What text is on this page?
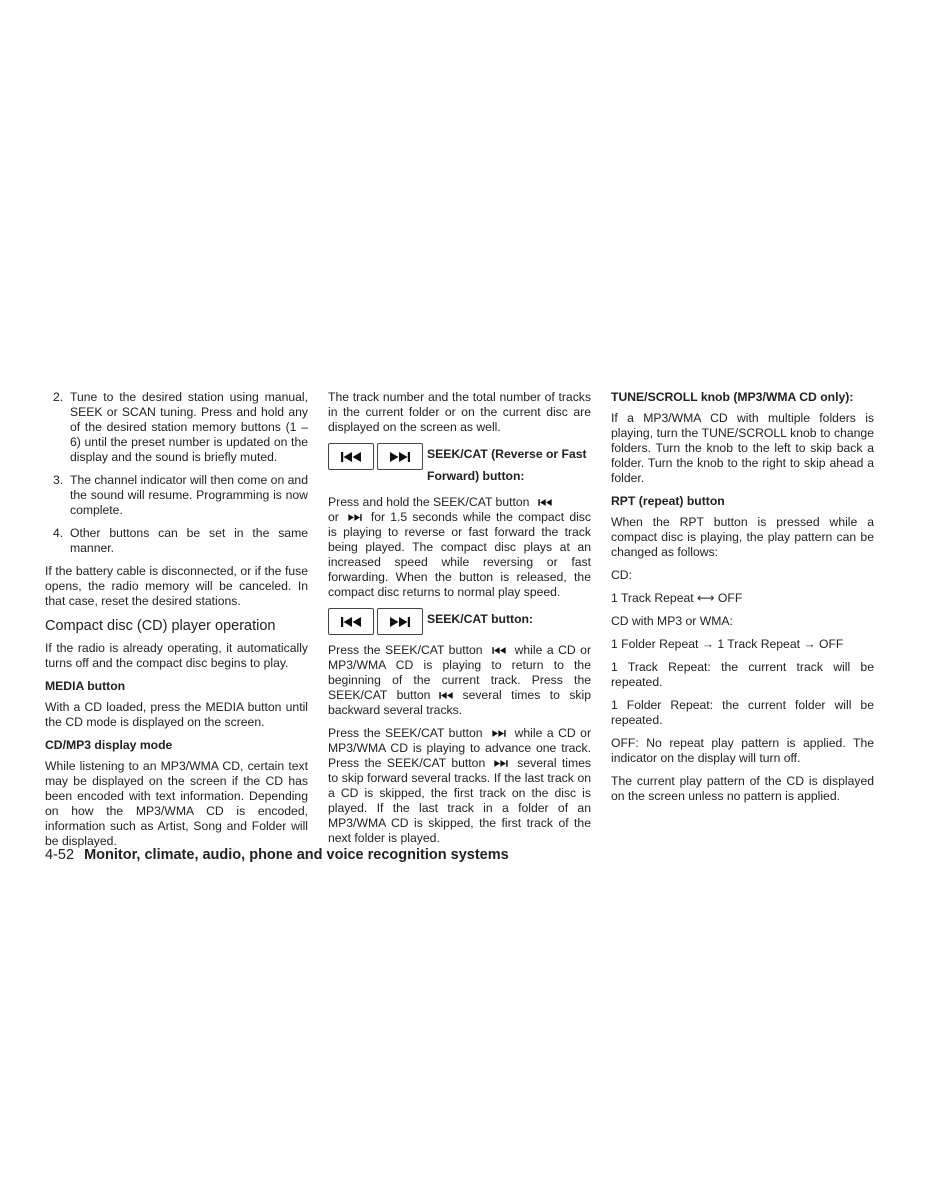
2. Tune to the desired station using manual, SEEK or SCAN tuning. Press and hold any of the desired station memory buttons (1 – 6) until the preset number is updated on the display and the sound is briefly muted.
3. The channel indicator will then come on and the sound will resume. Programming is now complete.
4. Other buttons can be set in the same manner.

If the battery cable is disconnected, or if the fuse opens, the radio memory will be canceled. In that case, reset the desired stations.

Compact disc (CD) player operation

If the radio is already operating, it automatically turns off and the compact disc begins to play.

MEDIA button

With a CD loaded, press the MEDIA button until the CD mode is displayed on the screen.

CD/MP3 display mode

While listening to an MP3/WMA CD, certain text may be displayed on the screen if the CD has been encoded with text information. Depending on how the MP3/WMA CD is encoded, information such as Artist, Song and Folder will be displayed.

The track number and the total number of tracks in the current folder or on the current disc are displayed on the screen as well.

SEEK/CAT (Reverse or Fast Forward) button:

Press and hold the SEEK/CAT button
or	for 1.5 seconds while the compact disc is playing to reverse or fast forward the track being played. The compact disc plays at an increased speed while reversing or fast forwarding. When the button is released, the compact disc returns to normal play speed.

SEEK/CAT button:

Press the SEEK/CAT button	while a CD or MP3/WMA CD is playing to return to the beginning of the current track. Press the SEEK/CAT button	several times to skip backward several tracks.

Press the SEEK/CAT button	while a CD or MP3/WMA CD is playing to advance one track. Press the SEEK/CAT button	several times to skip forward several tracks. If the last track on a CD is skipped, the first track on the disc is played. If the last track in a folder of an MP3/WMA CD is skipped, the first track of the next folder is played.

TUNE/SCROLL knob (MP3/WMA CD only):

If a MP3/WMA CD with multiple folders is playing, turn the TUNE/SCROLL knob to change folders. Turn the knob to the left to skip back a folder. Turn the knob to the right to skip ahead a folder.

RPT (repeat) button

When the RPT button is pressed while a compact disc is playing, the play pattern can be changed as follows:

CD:

1 Track Repeat ⟷ OFF

CD with MP3 or WMA:

1 Folder Repeat → 1 Track Repeat → OFF

1 Track Repeat: the current track will be repeated.

1 Folder Repeat: the current folder will be repeated.

OFF: No repeat play pattern is applied. The indicator on the display will turn off.

The current play pattern of the CD is displayed on the screen unless no pattern is applied.

4-52 Monitor, climate, audio, phone and voice recognition systems
